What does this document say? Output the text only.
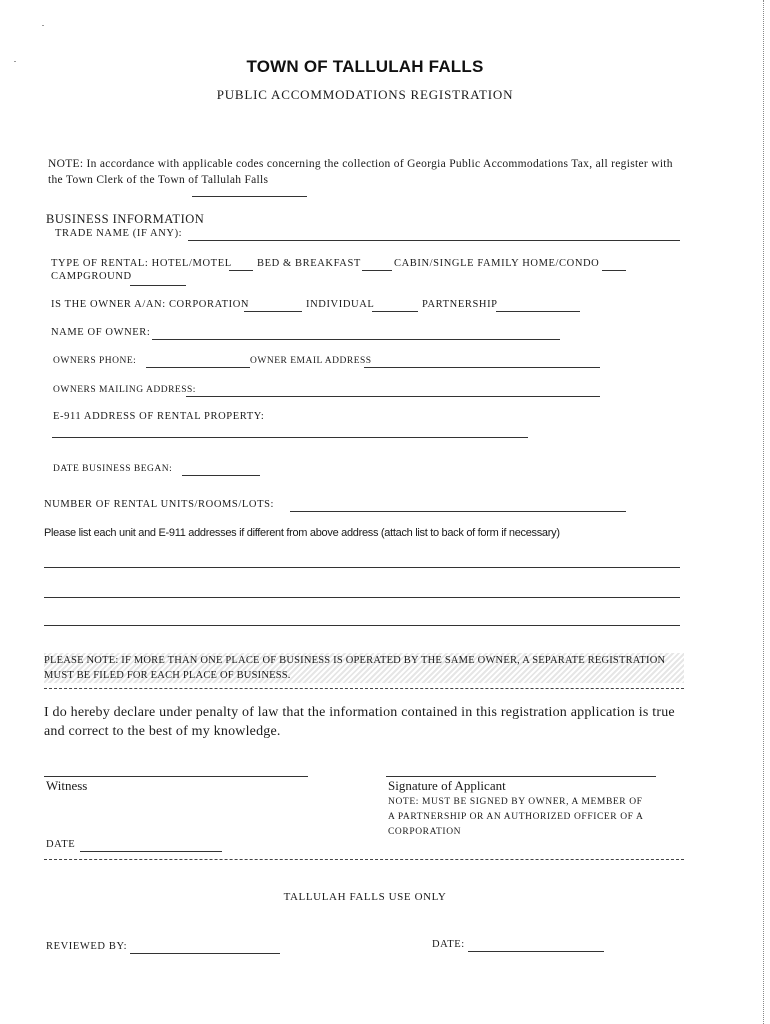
TOWN OF TALLULAH FALLS
PUBLIC ACCOMMODATIONS REGISTRATION
NOTE: In accordance with applicable codes concerning the collection of Georgia Public Accommodations Tax, all register with the Town Clerk of the Town of Tallulah Falls
BUSINESS INFORMATION
TRADE NAME (IF ANY):
TYPE OF RENTAL: HOTEL/MOTEL BED & BREAKFAST	CABIN/SINGLE FAMILY HOME/CONDO
CAMPGROUND
IS THE OWNER A/AN: CORPORATION	INDIVIDUAL	PARTNERSHIP
NAME OF OWNER:
OWNERS PHONE:	OWNER EMAIL ADDRESS
OWNERS MAILING ADDRESS:
E-911 ADDRESS OF RENTAL PROPERTY:
DATE BUSINESS BEGAN:
NUMBER OF RENTAL UNITS/ROOMS/LOTS:
Please list each unit and E-911 addresses if different from above address (attach list to back of form if necessary)
PLEASE NOTE: IF MORE THAN ONE PLACE OF BUSINESS IS OPERATED BY THE SAME OWNER, A SEPARATE REGISTRATION MUST BE FILED FOR EACH PLACE OF BUSINESS.
I do hereby declare under penalty of law that the information contained in this registration application is true and correct to the best of my knowledge.
Witness	Signature of Applicant
NOTE: MUST BE SIGNED BY OWNER, A MEMBER OF A PARTNERSHIP OR AN AUTHORIZED OFFICER OF A CORPORATION
DATE
TALLULAH FALLS USE ONLY
REVIEWED BY:	DATE:
